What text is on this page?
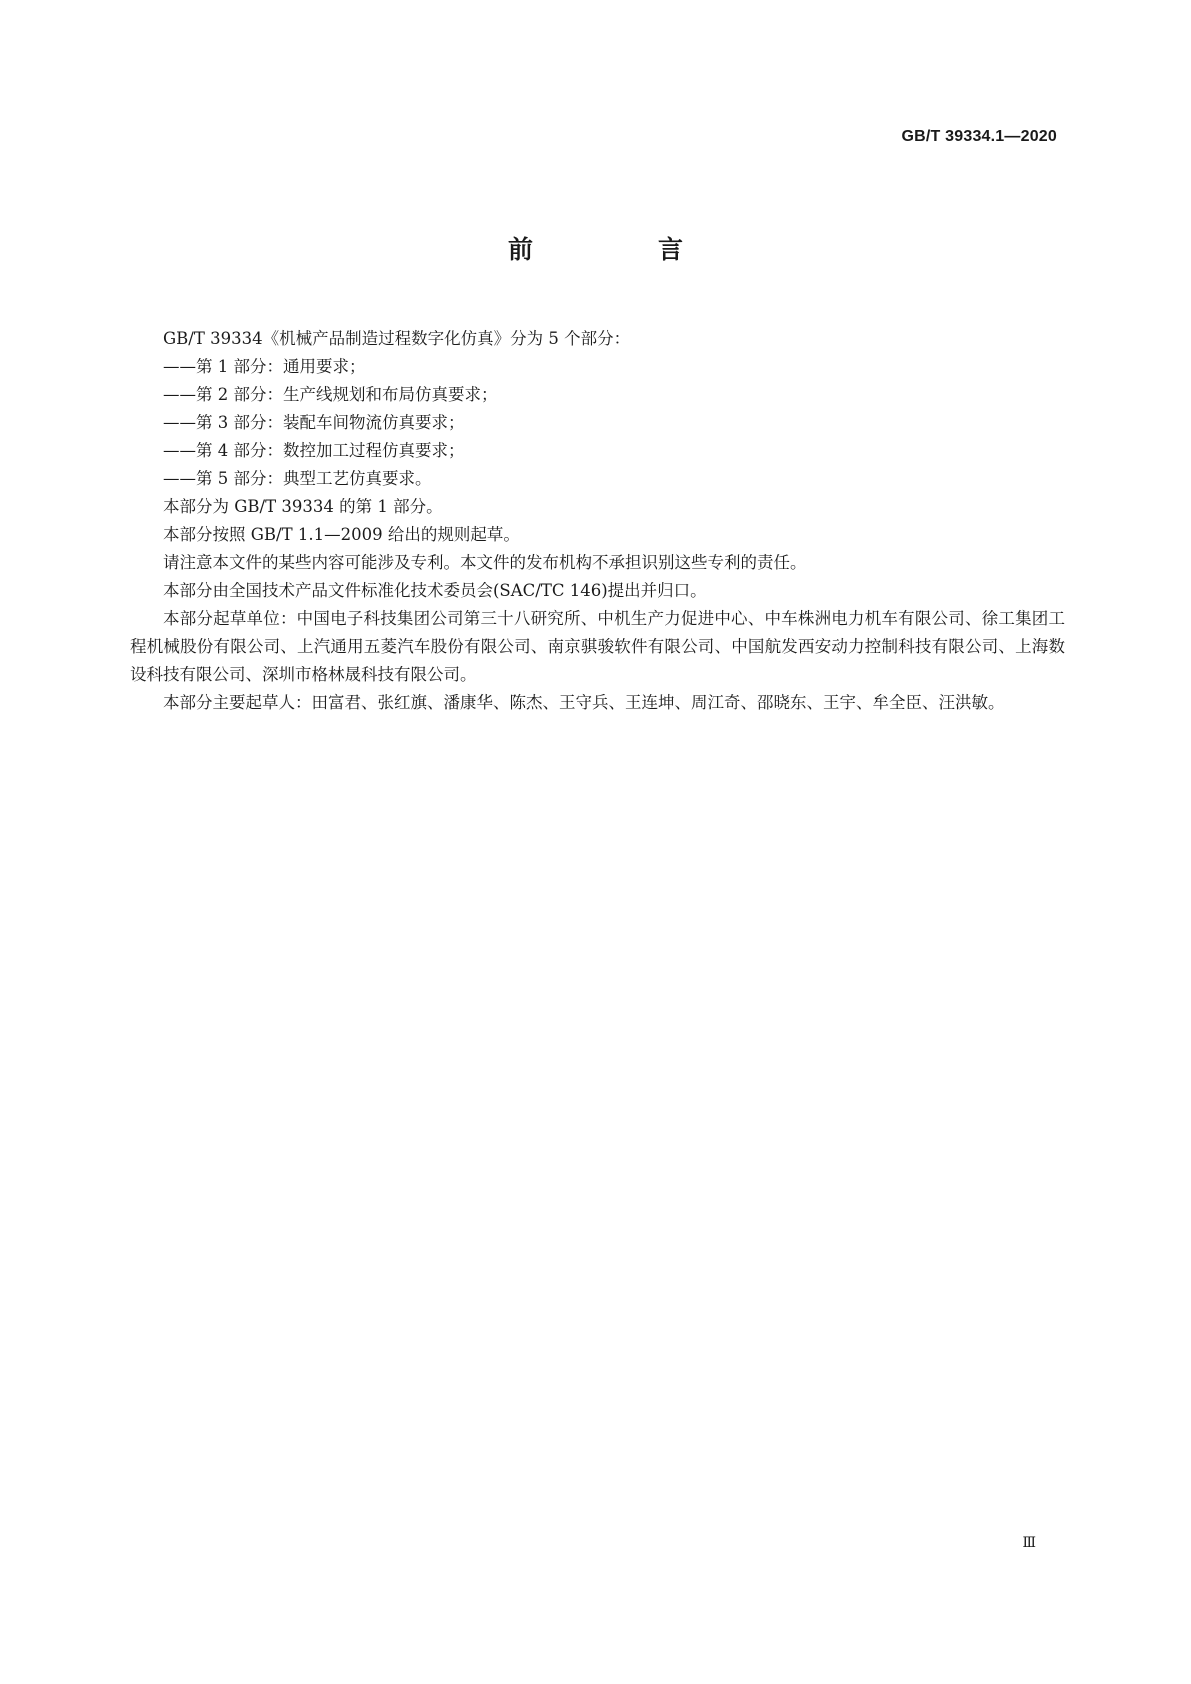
GB/T 39334.1—2020
前　言

GB/T 39334《机械产品制造过程数字化仿真》分为 5 个部分：

——第 1 部分：通用要求；

——第 2 部分：生产线规划和布局仿真要求；

——第 3 部分：装配车间物流仿真要求；

——第 4 部分：数控加工过程仿真要求；

——第 5 部分：典型工艺仿真要求。

本部分为 GB/T 39334 的第 1 部分。

本部分按照 GB/T 1.1—2009 给出的规则起草。

请注意本文件的某些内容可能涉及专利。本文件的发布机构不承担识别这些专利的责任。

本部分由全国技术产品文件标准化技术委员会(SAC/TC 146)提出并归口。

本部分起草单位：中国电子科技集团公司第三十八研究所、中机生产力促进中心、中车株洲电力机车有限公司、徐工集团工程机械股份有限公司、上汽通用五菱汽车股份有限公司、南京骐骏软件有限公司、中国航发西安动力控制科技有限公司、上海数设科技有限公司、深圳市格林晟科技有限公司。

本部分主要起草人：田富君、张红旗、潘康华、陈杰、王守兵、王连坤、周江奇、邵晓东、王宇、牟全臣、汪洪敏。

Ⅲ
